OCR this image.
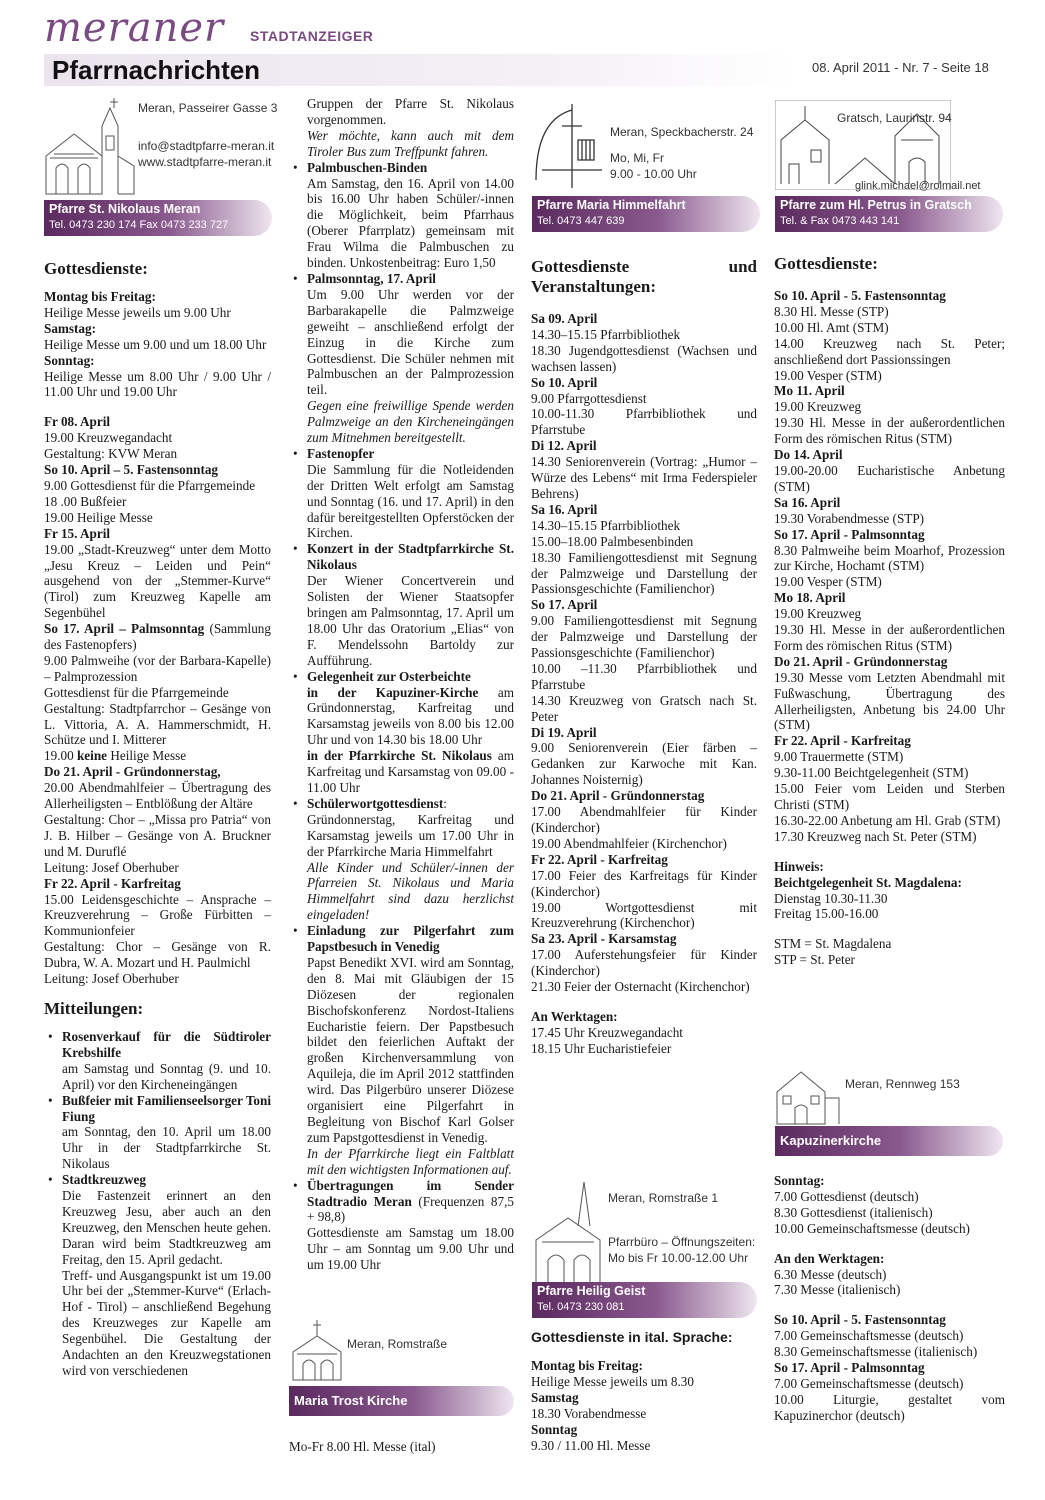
meraner STADTANZEIGER
Pfarrnachrichten	08. April 2011 - Nr. 7 - Seite 18
Meran, Passeirer Gasse 3
info@stadtpfarre-meran.it
www.stadtpfarre-meran.it
Pfarre St. Nikolaus Meran
Tel. 0473 230 174 Fax 0473 233 727
Gottesdienste:

Montag bis Freitag:

Heilige Messe jeweils um 9.00 Uhr

Samstag:

Heilige Messe um 9.00 und um 18.00 Uhr

Sonntag:

Heilige Messe um 8.00 Uhr / 9.00 Uhr / 11.00 Uhr und 19.00 Uhr

Fr 08. April

19.00 Kreuzwegandacht

Gestaltung: KVW Meran

So 10. April – 5. Fastensonntag

9.00 Gottesdienst für die Pfarrgemeinde

18 .00 Bußfeier

19.00 Heilige Messe

Fr 15. April

19.00 „Stadt-Kreuzweg“ unter dem Motto „Jesu Kreuz – Leiden und Pein“ ausgehend von der „Stemmer-Kurve“ (Tirol) zum Kreuzweg Kapelle am Segenbühel

So 17. April – Palmsonntag (Sammlung des Fastenopfers)

9.00 Palmweihe (vor der Barbara-Kapelle) – Palmprozession

Gottesdienst für die Pfarrgemeinde

Gestaltung: Stadtpfarrchor – Gesänge von L. Vittoria, A. A. Hammerschmidt, H. Schütze und I. Mitterer

19.00 keine Heilige Messe

Do 21. April - Gründonnerstag,

20.00 Abendmahlfeier – Übertragung des Allerheiligsten – Entblößung der Altäre

Gestaltung: Chor – „Missa pro Patria“ von J. B. Hilber – Gesänge von A. Bruckner und M. Duruflé

Leitung: Josef Oberhuber

Fr 22. April - Karfreitag

15.00 Leidensgeschichte – Ansprache – Kreuzverehrung – Große Fürbitten – Kommunionfeier

Gestaltung: Chor – Gesänge von R. Dubra, W. A. Mozart und H. Paulmichl

Leitung: Josef Oberhuber

Mitteilungen:
• Rosenverkauf für die Südtiroler Krebshilfe
am Samstag und Sonntag (9. und 10. April) vor den Kircheneingängen
• Bußfeier mit Familienseelsorger Toni Fiung
am Sonntag, den 10. April um 18.00 Uhr in der Stadtpfarrkirche St. Nikolaus
• Stadtkreuzweg
Die Fastenzeit erinnert an den Kreuzweg Jesu, aber auch an den Kreuzweg, den Menschen heute gehen. Daran wird beim Stadtkreuzweg am Freitag, den 15. April gedacht.
Treff- und Ausgangspunkt ist um 19.00 Uhr bei der „Stemmer-Kurve“ (Erlach-Hof - Tirol) – anschließend Begehung des Kreuzweges zur Kapelle am Segenbühel. Die Gestaltung der Andachten an den Kreuzwegstationen wird von verschiedenen
Gruppen der Pfarre St. Nikolaus vorgenommen.
Wer möchte, kann auch mit dem Tiroler Bus zum Treffpunkt fahren.
• Palmbuschen-Binden
Am Samstag, den 16. April von 14.00 bis 16.00 Uhr haben Schüler/-innen die Möglichkeit, beim Pfarrhaus (Oberer Pfarrplatz) gemeinsam mit Frau Wilma die Palmbuschen zu binden. Unkostenbeitrag: Euro 1,50
• Palmsonntag, 17. April
Um 9.00 Uhr werden vor der Barbarakapelle die Palmzweige geweiht – anschließend erfolgt der Einzug in die Kirche zum Gottesdienst. Die Schüler nehmen mit Palmbuschen an der Palmprozession teil.
Gegen eine freiwillige Spende werden Palmzweige an den Kircheneingängen zum Mitnehmen bereitgestellt.
• Fastenopfer
Die Sammlung für die Notleidenden der Dritten Welt erfolgt am Samstag und Sonntag (16. und 17. April) in den dafür bereitgestellten Opferstöcken der Kirchen.
• Konzert in der Stadtpfarrkirche St. Nikolaus
Der Wiener Concertverein und Solisten der Wiener Staatsopfer bringen am Palmsonntag, 17. April um 18.00 Uhr das Oratorium „Elias“ von F. Mendelssohn Bartoldy zur Aufführung.
• Gelegenheit zur Osterbeichte
in der Kapuziner-Kirche am Gründonnerstag, Karfreitag und Karsamstag jeweils von 8.00 bis 12.00 Uhr und von 14.30 bis 18.00 Uhr
in der Pfarrkirche St. Nikolaus am Karfreitag und Karsamstag von 09.00 - 11.00 Uhr
• Schülerwortgottesdienst:
Gründonnerstag, Karfreitag und Karsamstag jeweils um 17.00 Uhr in der Pfarrkirche Maria Himmelfahrt
Alle Kinder und Schüler/-innen der Pfarreien St. Nikolaus und Maria Himmelfahrt sind dazu herzlichst eingeladen!
• Einladung zur Pilgerfahrt zum Papstbesuch in Venedig
Papst Benedikt XVI. wird am Sonntag, den 8. Mai mit Gläubigen der 15 Diözesen der regionalen Bischofskonferenz Nordost-Italiens Eucharistie feiern. Der Papstbesuch bildet den feierlichen Auftakt der großen Kirchenversammlung von Aquileja, die im April 2012 stattfinden wird. Das Pilgerbüro unserer Diözese organisiert eine Pilgerfahrt in Begleitung von Bischof Karl Golser zum Papstgottesdienst in Venedig.
In der Pfarrkirche liegt ein Faltblatt mit den wichtigsten Informationen auf.
• Übertragungen im Sender Stadtradio Meran (Frequenzen 87,5 + 98,8)
Gottesdienste am Samstag um 18.00 Uhr – am Sonntag um 9.00 Uhr und um 19.00 Uhr
Meran, Romstraße
Maria Trost Kirche

Mo-Fr 8.00 Hl. Messe (ital)

Meran, Speckbacherstr. 24
Mo, Mi, Fr
9.00 - 10.00 Uhr
Pfarre Maria Himmelfahrt
Tel. 0473 447 639
Gottesdienste und Veranstaltungen:

Sa 09. April

14.30–15.15 Pfarrbibliothek

18.30 Jugendgottesdienst (Wachsen und wachsen lassen)

So 10. April

9.00 Pfarrgottesdienst

10.00-11.30 Pfarrbibliothek und Pfarrstube

Di 12. April

14.30 Seniorenverein (Vortrag: „Humor – Würze des Lebens“ mit Irma Federspieler Behrens)

Sa 16. April

14.30–15.15 Pfarrbibliothek

15.00–18.00 Palmbesenbinden

18.30 Familiengottesdienst mit Segnung der Palmzweige und Darstellung der Passionsgeschichte (Familienchor)

So 17. April

9.00 Familiengottesdienst mit Segnung der Palmzweige und Darstellung der Passionsgeschichte (Familienchor)

10.00 –11.30 Pfarrbibliothek und Pfarrstube

14.30 Kreuzweg von Gratsch nach St. Peter

Di 19. April

9.00 Seniorenverein (Eier färben – Gedanken zur Karwoche mit Kan. Johannes Noisternig)

Do 21. April - Gründonnerstag

17.00 Abendmahlfeier für Kinder (Kinderchor)

19.00 Abendmahlfeier (Kirchenchor)

Fr 22. April - Karfreitag

17.00 Feier des Karfreitags für Kinder (Kinderchor)

19.00 Wortgottesdienst mit Kreuzverehrung (Kirchenchor)

Sa 23. April - Karsamstag

17.00 Auferstehungsfeier für Kinder (Kinderchor)

21.30 Feier der Osternacht (Kirchenchor)

An Werktagen:

17.45 Uhr Kreuzwegandacht

18.15 Uhr Eucharistiefeier

Meran, Romstraße 1
Pfarrbüro – Öffnungszeiten:
Mo bis Fr 10.00-12.00 Uhr
Pfarre Heilig Geist
Tel. 0473 230 081

Gottesdienste in ital. Sprache:

Montag bis Freitag:

Heilige Messe jeweils um 8.30

Samstag

18.30 Vorabendmesse

Sonntag

9.30 / 11.00 Hl. Messe

Gratsch, Laurinstr. 94
glink.michael@rolmail.net
Pfarre zum Hl. Petrus in Gratsch
Tel. & Fax 0473 443 141
Gottesdienste:

So 10. April - 5. Fastensonntag

8.30 Hl. Messe (STP)

10.00 Hl. Amt (STM)

14.00 Kreuzweg nach St. Peter; anschließend dort Passionssingen

19.00 Vesper (STM)

Mo 11. April

19.00 Kreuzweg

19.30 Hl. Messe in der außerordentlichen Form des römischen Ritus (STM)

Do 14. April

19.00-20.00 Eucharistische Anbetung (STM)

Sa 16. April

19.30 Vorabendmesse (STP)

So 17. April - Palmsonntag

8.30 Palmweihe beim Moarhof, Prozession zur Kirche, Hochamt (STM)

19.00 Vesper (STM)

Mo 18. April

19.00 Kreuzweg

19.30 Hl. Messe in der außerordentlichen Form des römischen Ritus (STM)

Do 21. April - Gründonnerstag

19.30 Messe vom Letzten Abendmahl mit Fußwaschung, Übertragung des Allerheiligsten, Anbetung bis 24.00 Uhr (STM)

Fr 22. April - Karfreitag

9.00 Trauermette (STM)

9.30-11.00 Beichtgelegenheit (STM)

15.00 Feier vom Leiden und Sterben Christi (STM)

16.30-22.00 Anbetung am Hl. Grab (STM)

17.30 Kreuzweg nach St. Peter (STM)

Hinweis:

Beichtgelegenheit St. Magdalena:

Dienstag 10.30-11.30

Freitag 15.00-16.00

STM = St. Magdalena

STP = St. Peter

Meran, Rennweg 153
Kapuzinerkirche

Sonntag:

7.00 Gottesdienst (deutsch)

8.30 Gottesdienst (italienisch)

10.00 Gemeinschaftsmesse (deutsch)

An den Werktagen:

6.30 Messe (deutsch)

7.30 Messe (italienisch)

So 10. April - 5. Fastensonntag

7.00 Gemeinschaftsmesse (deutsch)

8.30 Gemeinschaftsmesse (italienisch)

So 17. April - Palmsonntag

7.00 Gemeinschaftsmesse (deutsch)

10.00 Liturgie, gestaltet vom Kapuzinerchor (deutsch)
